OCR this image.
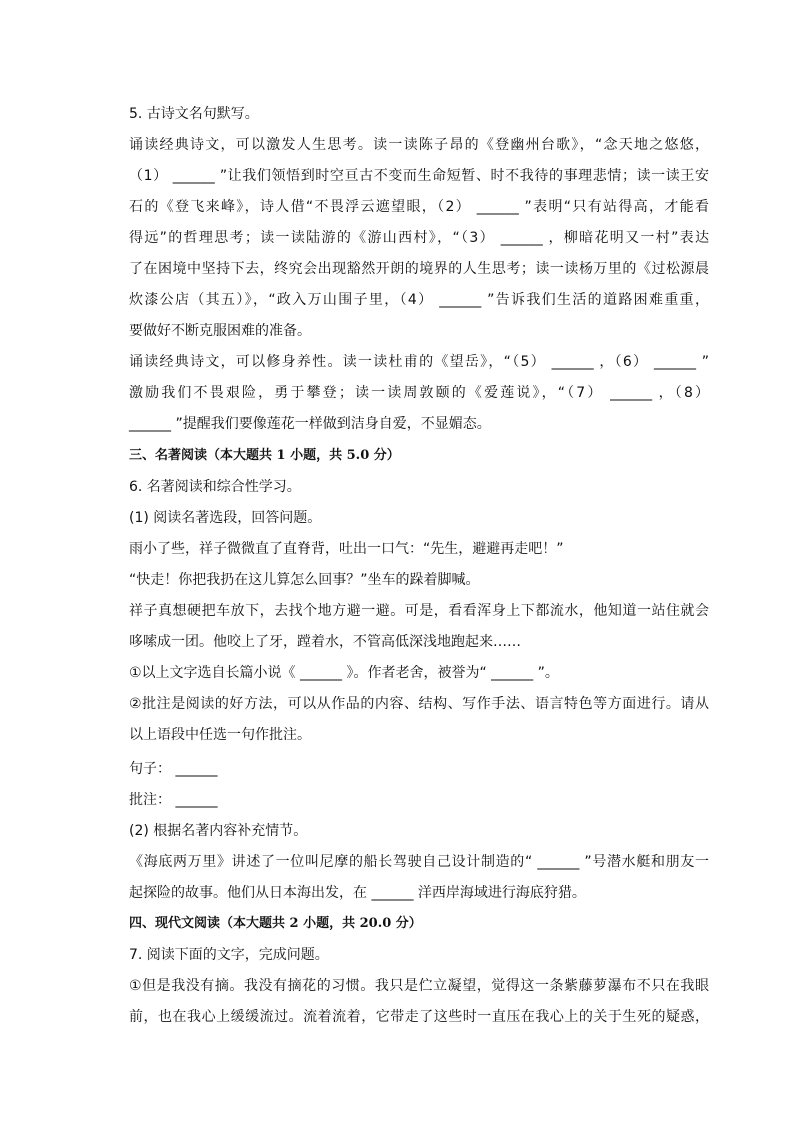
5. 古诗文名句默写。
诵读经典诗文，可以激发人生思考。读一读陈子昂的《登幽州台歌》，“念天地之悠悠，
（1） ______ ”让我们领悟到时空亘古不变而生命短暂、时不我待的事理悲情；读一读王安
石的《登飞来峰》，诗人借“不畏浮云遮望眼，（2） ______ ”表明“只有站得高，才能看
得远”的哲理思考；读一读陆游的《游山西村》，“（3） ______ ，柳暗花明又一村”表达
了在困境中坚持下去，终究会出现豁然开朗的境界的人生思考；读一读杨万里的《过松源晨
炊漆公店（其五）》，“政入万山围子里，（4） ______ ”告诉我们生活的道路困难重重，
要做好不断克服困难的准备。
诵读经典诗文，可以修身养性。读一读杜甫的《望岳》，“（5） ______ ，（6） ______ ”
激励我们不畏艰险，勇于攀登；读一读周敦颐的《爱莲说》，“（7） ______ ，（8）
______ ”提醒我们要像莲花一样做到洁身自爱，不显媚态。
三、名著阅读（本大题共 1 小题，共 5.0 分）
6. 名著阅读和综合性学习。
(1) 阅读名著选段，回答问题。
雨小了些，祥子微微直了直脊背，吐出一口气：“先生，避避再走吧！”
“快走！你把我扔在这儿算怎么回事？”坐车的跺着脚喊。
祥子真想硬把车放下，去找个地方避一避。可是，看看浑身上下都流水，他知道一站住就会
哆嗦成一团。他咬上了牙，蹚着水，不管高低深浅地跑起来……
①以上文字选自长篇小说《 ______ 》。作者老舍，被誉为“ ______ ”。
②批注是阅读的好方法，可以从作品的内容、结构、写作手法、语言特色等方面进行。请从
以上语段中任选一句作批注。
句子： ______
批注： ______
(2) 根据名著内容补充情节。
《海底两万里》讲述了一位叫尼摩的船长驾驶自己设计制造的“ ______ ”号潜水艇和朋友一
起探险的故事。他们从日本海出发，在 ______ 洋西岸海域进行海底狩猎。
四、现代文阅读（本大题共 2 小题，共 20.0 分）
7. 阅读下面的文字，完成问题。
①但是我没有摘。我没有摘花的习惯。我只是伫立凝望，觉得这一条紫藤萝瀑布不只在我眼
前，也在我心上缓缓流过。流着流着，它带走了这些时一直压在我心上的关于生死的疑惑，
